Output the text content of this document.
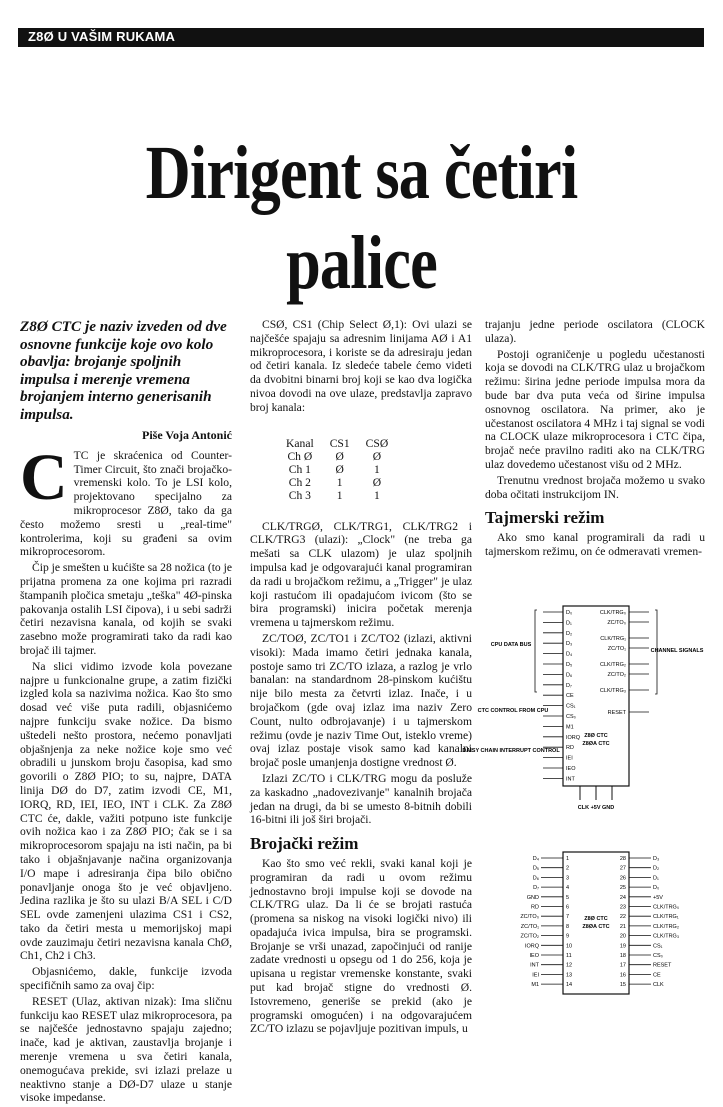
Z8Ø U VAŠIM RUKAMA
Dirigent sa četiri palice
Z8Ø CTC je naziv izveden od dve osnovne funkcije koje ovo kolo obavlja: brojanje spoljnih impulsa i merenje vremena brojanjem interno generisanih impulsa.
Piše Voja Antonić
C TC je skraćenica od Counter-Timer Circuit, što znači brojačko-vremenski kolo. To je LSI kolo, projektovano specijalno za mikroprocesor Z8Ø, tako da ga često možemo sresti u „real-time" kontrolerima, koji su građeni sa ovim mikroprocesorom.

Čip je smešten u kućište sa 28 nožica (to je prijatna promena za one kojima pri razradi štampanih pločica smetaju „teška" 4Ø-pinska pakovanja ostalih LSI čipova), i u sebi sadrži četiri nezavisna kanala, od kojih se svaki zasebno može programirati tako da radi kao brojač ili tajmer.

Na slici vidimo izvode kola povezane najpre u funkcionalne grupe, a zatim fizički izgled kola sa nazivima nožica. Kao što smo dosad već više puta radili, objasnićemo najpre funkciju svake nožice. Da bismo uštedeli nešto prostora, nećemo ponavljati objašnjenja za neke nožice koje smo već obradili u junskom broju časopisa, kad smo govorili o Z8Ø PIO; to su, najpre, DATA linija DØ do D7, zatim izvodi CE, M1, IORQ, RD, IEI, IEO, INT i CLK. Za Z8Ø CTC će, dakle, važiti potpuno iste funkcije ovih nožica kao i za Z8Ø PIO; čak se i sa mikroprocesorom spajaju na isti način, pa bi tako i objašnjavanje načina organizovanja I/O mape i adresiranja čipa bilo obično ponavljanje onoga što je već objavljeno. Jedina razlika je što su ulazi B/A SEL i C/D SEL ovde zamenjeni ulazima CS1 i CS2, tako da četiri mesta u memorijskoj mapi ovde zauzimaju četiri nezavisna kanala ChØ, Ch1, Ch2 i Ch3.

Objasnićemo, dakle, funkcije izvoda specifičnih samo za ovaj čip:

RESET (Ulaz, aktivan nizak): Ima sličnu funkciju kao RESET ulaz mikroprocesora, pa se najčešće jednostavno spajaju zajedno; inače, kad je aktivan, zaustavlja brojanje i merenje vremena u sva četiri kanala, onemogućava prekide, svi izlazi prelaze u neaktivno stanje a DØ-D7 ulaze u stanje visoke impedanse.

CSØ, CS1 (Chip Select Ø,1): Ovi ulazi se najčešće spajaju sa adresnim linijama AØ i A1 mikroprocesora, i koriste se da adresiraju jedan od četiri kanala. Iz sledeće tabele ćemo videti da dvobitni binarni broj koji se kao dva logička nivoa dovodi na ove ulaze, predstavlja zapravo broj kanala:

Kanal	CS1	CSØ
Ch Ø	Ø	Ø
Ch 1	Ø	1
Ch 2	1	Ø
Ch 3	1	1

CLK/TRGØ, CLK/TRG1, CLK/TRG2 i CLK/TRG3 (ulazi): „Clock" (ne treba ga mešati sa CLK ulazom) je ulaz spoljnih impulsa kad je odgovarajući kanal programiran da radi u brojačkom režimu, a „Trigger" je ulaz koji rastućom ili opadajućom ivicom (što se bira programski) inicira početak merenja vremena u tajmerskom režimu.

ZC/TOØ, ZC/TO1 i ZC/TO2 (izlazi, aktivni visoki): Mada imamo četiri jednaka kanala, postoje samo tri ZC/TO izlaza, a razlog je vrlo banalan: na standardnom 28-pinskom kućištu nije bilo mesta za četvrti izlaz. Inače, i u brojačkom (gde ovaj izlaz ima naziv Zero Count, nulto odbrojavanje) i u tajmerskom režimu (ovde je naziv Time Out, isteklo vreme) ovaj izlaz postaje visok samo kad kanalni brojač posle umanjenja dostigne vrednost Ø.

Izlazi ZC/TO i CLK/TRG mogu da posluže za kaskadno „nadovezivanje" kanalnih brojača jedan na drugi, da bi se umesto 8-bitnih dobili 16-bitni ili još širi brojači.

Brojački režim

Kao što smo već rekli, svaki kanal koji je programiran da radi u ovom režimu jednostavno broji impulse koji se dovode na CLK/TRG ulaz. Da li će se brojati rastuća (promena sa niskog na visoki logički nivo) ili opadajuća ivica impulsa, bira se programski. Brojanje se vrši unazad, započinjući od ranije zadate vrednosti u opsegu od 1 do 256, koja je upisana u registar vremenske konstante, svaki put kad brojač stigne do vrednosti Ø. Istovremeno, generiše se prekid (ako je programski omogućen) i na odgovarajućem ZC/TO izlazu se pojavljuje pozitivan impuls, u

trajanju jedne periode oscilatora (CLOCK ulaza).

Postoji ograničenje u pogledu učestanosti koja se dovodi na CLK/TRG ulaz u brojačkom režimu: širina jedne periode impulsa mora da bude bar dva puta veća od širine impulsa osnovnog oscilatora. Na primer, ako je učestanost oscilatora 4 MHz i taj signal se vodi na CLOCK ulaze mikroprocesora i CTC čipa, brojač neće pravilno raditi ako na CLK/TRG ulaz dovedemo učestanost višu od 2 MHz.

Trenutnu vrednost brojača možemo u svako doba očitati instrukcijom IN.

Tajmerski režim

Ako smo kanal programirali da radi u tajmerskom režimu, on će odmeravati vremen-

Z8Ø CTC
Z8ØA CTC
D₀
D₁
D₂
D₃
D₄
D₅
D₆
D₇
CE
CS₁
CS₀
M1
IORQ
RD
IEI
IEO
INT
CLK/TRG₀
ZC/TO₀
CLK/TRG₁
ZC/TO₁
CLK/TRG₂
ZC/TO₂
CLK/TRG₃
RESET
CPU DATA BUS
CTC CONTROL FROM CPU
DAISY CHAIN INTERRUPT CONTROL
CHANNEL SIGNALS
CLK +5V GND
Z8Ø CTC
Z8ØA CTC
D₄	1
D₅	2
D₆	3
D₇	4
GND	5
RD	6
ZC/TO₀	7
ZC/TO₁	8
ZC/TO₂	9
IORQ	10
IEO	11
INT	12
IEI	13
M1	14
D₃
28
D₂
27
D₁
26
D₀
25
+5V
24
CLK/TRG₀
23
CLK/TRG₁
22
CLK/TRG₂
21
CLK/TRG₃
20
CS₁
19
CS₀
18
RESET
17
CE
16
CLK
15
